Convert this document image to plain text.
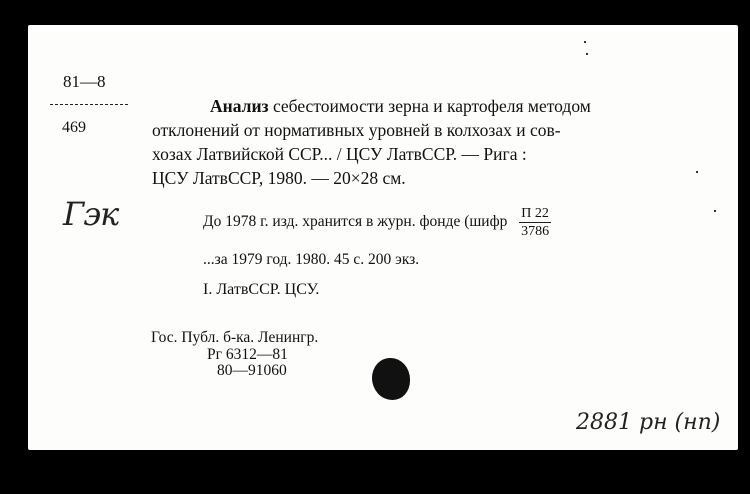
81—8
469
Гэк
Анализ себестоимости зерна и картофеля методом
отклонений от нормативных уровней в колхозах и сов-
хозах Латвийской ССР... / ЦСУ ЛатвССР. — Рига :
ЦСУ ЛатвССР, 1980. — 20×28 см.
До 1978 г. изд. хранится в журн. фонде (шифр $\frac{П 22}{3786}$
...за 1979 год. 1980. 45 с. 200 экз.
I. ЛатвССР. ЦСУ.
Гос. Публ. б-ка. Ленингр.
Рг 6312—81
80—91060
2881 рн (нп)
